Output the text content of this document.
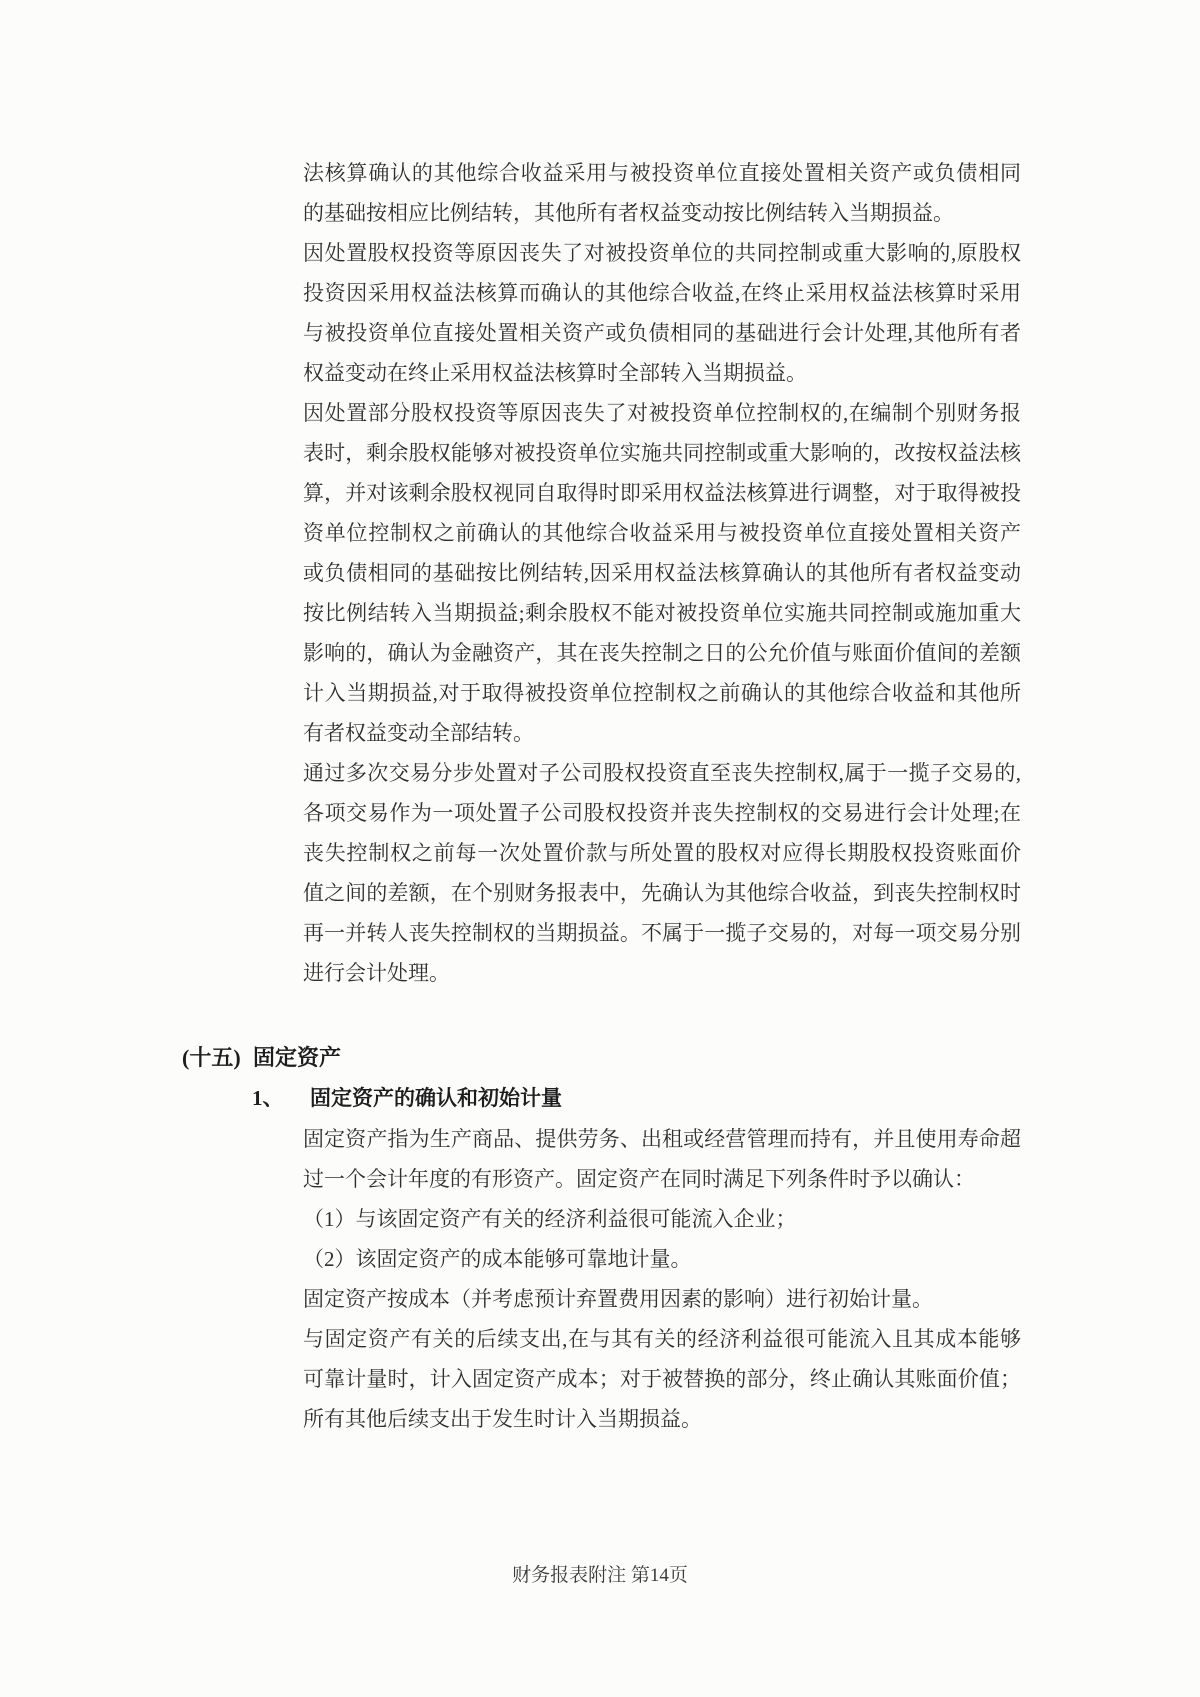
法核算确认的其他综合收益采用与被投资单位直接处置相关资产或负债相同
的基础按相应比例结转，其他所有者权益变动按比例结转入当期损益。
因处置股权投资等原因丧失了对被投资单位的共同控制或重大影响的,原股权
投资因采用权益法核算而确认的其他综合收益,在终止采用权益法核算时采用
与被投资单位直接处置相关资产或负债相同的基础进行会计处理,其他所有者
权益变动在终止采用权益法核算时全部转入当期损益。
因处置部分股权投资等原因丧失了对被投资单位控制权的,在编制个别财务报
表时，剩余股权能够对被投资单位实施共同控制或重大影响的，改按权益法核
算，并对该剩余股权视同自取得时即采用权益法核算进行调整，对于取得被投
资单位控制权之前确认的其他综合收益采用与被投资单位直接处置相关资产
或负债相同的基础按比例结转,因采用权益法核算确认的其他所有者权益变动
按比例结转入当期损益;剩余股权不能对被投资单位实施共同控制或施加重大
影响的，确认为金融资产，其在丧失控制之日的公允价值与账面价值间的差额
计入当期损益,对于取得被投资单位控制权之前确认的其他综合收益和其他所
有者权益变动全部结转。
通过多次交易分步处置对子公司股权投资直至丧失控制权,属于一揽子交易的,
各项交易作为一项处置子公司股权投资并丧失控制权的交易进行会计处理;在
丧失控制权之前每一次处置价款与所处置的股权对应得长期股权投资账面价
值之间的差额，在个别财务报表中，先确认为其他综合收益，到丧失控制权时
再一并转人丧失控制权的当期损益。不属于一揽子交易的，对每一项交易分别
进行会计处理。
(十五) 固定资产
1、 固定资产的确认和初始计量
固定资产指为生产商品、提供劳务、出租或经营管理而持有，并且使用寿命超
过一个会计年度的有形资产。固定资产在同时满足下列条件时予以确认：
（1）与该固定资产有关的经济利益很可能流入企业；
（2）该固定资产的成本能够可靠地计量。
固定资产按成本（并考虑预计弃置费用因素的影响）进行初始计量。
与固定资产有关的后续支出,在与其有关的经济利益很可能流入且其成本能够
可靠计量时，计入固定资产成本；对于被替换的部分，终止确认其账面价值；
所有其他后续支出于发生时计入当期损益。
财务报表附注 第14页
